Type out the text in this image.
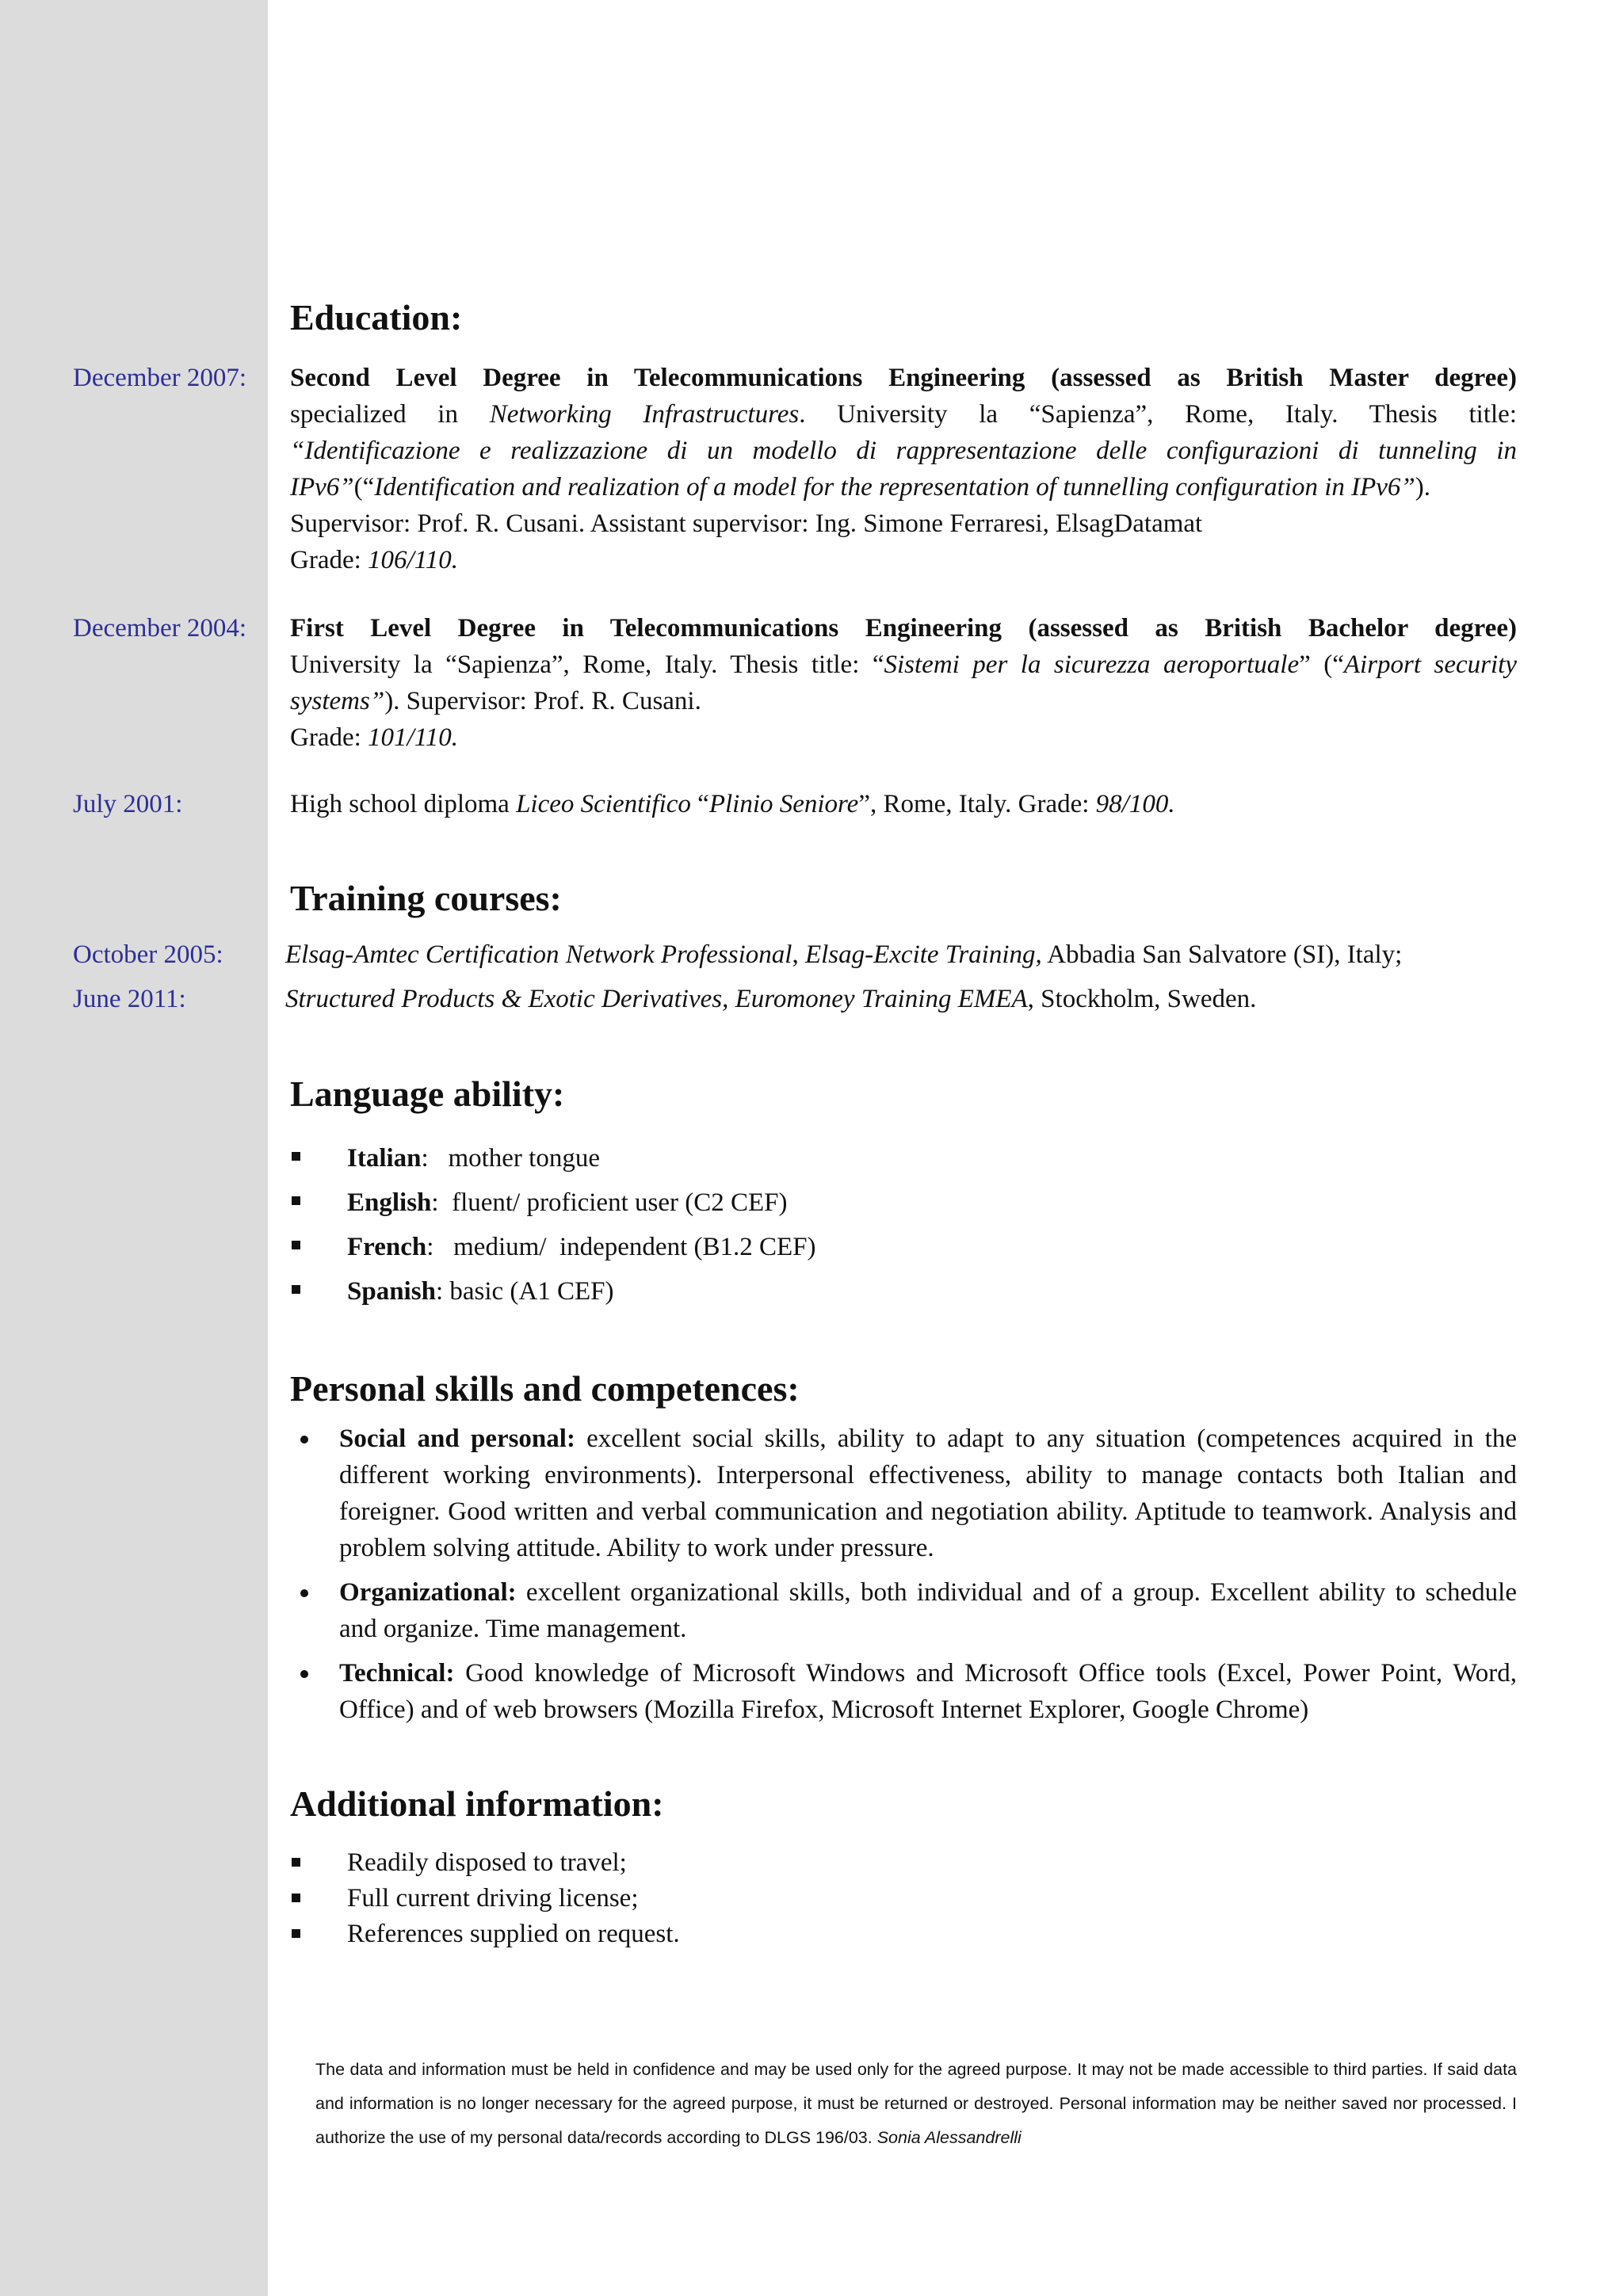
Education:
December 2007: Second Level Degree in Telecommunications Engineering (assessed as British Master degree)
specialized in Networking Infrastructures. University la “Sapienza”, Rome, Italy. Thesis title:
“Identificazione e realizzazione di un modello di rappresentazione delle configurazioni di tunneling in
IPv6”(“Identification and realization of a model for the representation of tunnelling configuration in IPv6”).
Supervisor: Prof. R. Cusani. Assistant supervisor: Ing. Simone Ferraresi, ElsagDatamat
Grade: 106/110.
December 2004: First Level Degree in Telecommunications Engineering (assessed as British Bachelor degree)
University la “Sapienza”, Rome, Italy. Thesis title: “Sistemi per la sicurezza aeroportuale” (“Airport security
systems”). Supervisor: Prof. R. Cusani.
Grade: 101/110.
July 2001:	High school diploma Liceo Scientifico “Plinio Seniore”, Rome, Italy. Grade: 98/100.
Training courses:
October 2005: Elsag-Amtec Certification Network Professional, Elsag-Excite Training, Abbadia San Salvatore (SI), Italy;
June 2011:	Structured Products & Exotic Derivatives, Euromoney Training EMEA, Stockholm, Sweden.
Language ability:
Italian:   mother tongue
English:  fluent/ proficient user (C2 CEF)
French:   medium/  independent (B1.2 CEF)
Spanish: basic (A1 CEF)
Personal skills and competences:
Social and personal: excellent social skills, ability to adapt to any situation (competences acquired in the different working environments). Interpersonal effectiveness, ability to manage contacts both Italian and foreigner. Good written and verbal communication and negotiation ability. Aptitude to teamwork. Analysis and problem solving attitude. Ability to work under pressure.
Organizational: excellent organizational skills, both individual and of a group. Excellent ability to schedule and organize. Time management.
Technical: Good knowledge of Microsoft Windows and Microsoft Office tools (Excel, Power Point, Word, Office) and of web browsers (Mozilla Firefox, Microsoft Internet Explorer, Google Chrome)
Additional information:
Readily disposed to travel;
Full current driving license;
References supplied on request.
The data and information must be held in confidence and may be used only for the agreed purpose. It may not be made accessible to third parties. If said data and information is no longer necessary for the agreed purpose, it must be returned or destroyed. Personal information may be neither saved nor processed. I authorize the use of my personal data/records according to DLGS 196/03. Sonia Alessandrelli
